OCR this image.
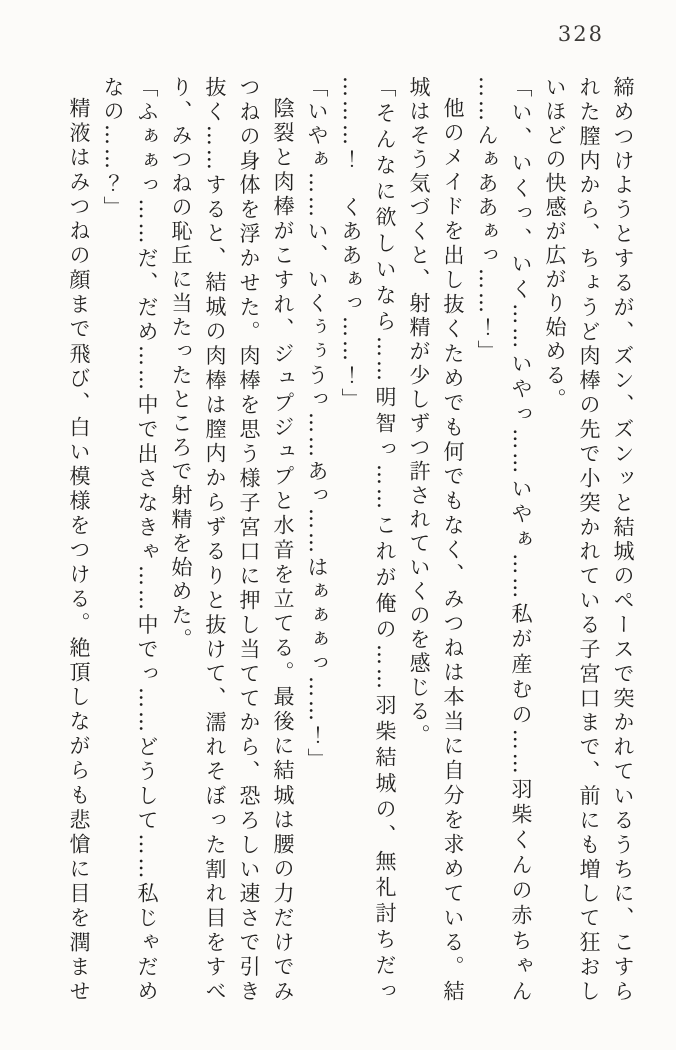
328

締めつけようとするが、ズン、ズンッと結城のペースで突かれているうちに、こすら

れた膣内から、ちょうど肉棒の先で小突かれている子宮口まで、前にも増して狂おし

いほどの快感が広がり始める。

「い、いくっ、いく……いやっ……いやぁ……私が産むの……羽柴くんの赤ちゃん

……んぁああぁっ……！」

他のメイドを出し抜くためでも何でもなく、みつねは本当に自分を求めている。結

城はそう気づくと、射精が少しずつ許されていくのを感じる。

「そんなに欲しいなら……明智っ……これが俺の……羽柴結城の、無礼討ちだっ

………！　くああぁっ……！」

「いやぁ……い、いくぅぅうっ……あっ……はぁぁぁっ……！」

陰裂と肉棒がこすれ、ジュプジュプと水音を立てる。最後に結城は腰の力だけでみ

つねの身体を浮かせた。肉棒を思う様子宮口に押し当ててから、恐ろしい速さで引き

抜く……すると、結城の肉棒は膣内からずるりと抜けて、濡れそぼった割れ目をすべ

り、みつねの恥丘に当たったところで射精を始めた。

「ふぁぁっ……だ、だめ……中で出さなきゃ……中でっ……どうして……私じゃだめ

なの……？」

精液はみつねの顔まで飛び、白い模様をつける。絶頂しながらも悲愴に目を潤ませ
